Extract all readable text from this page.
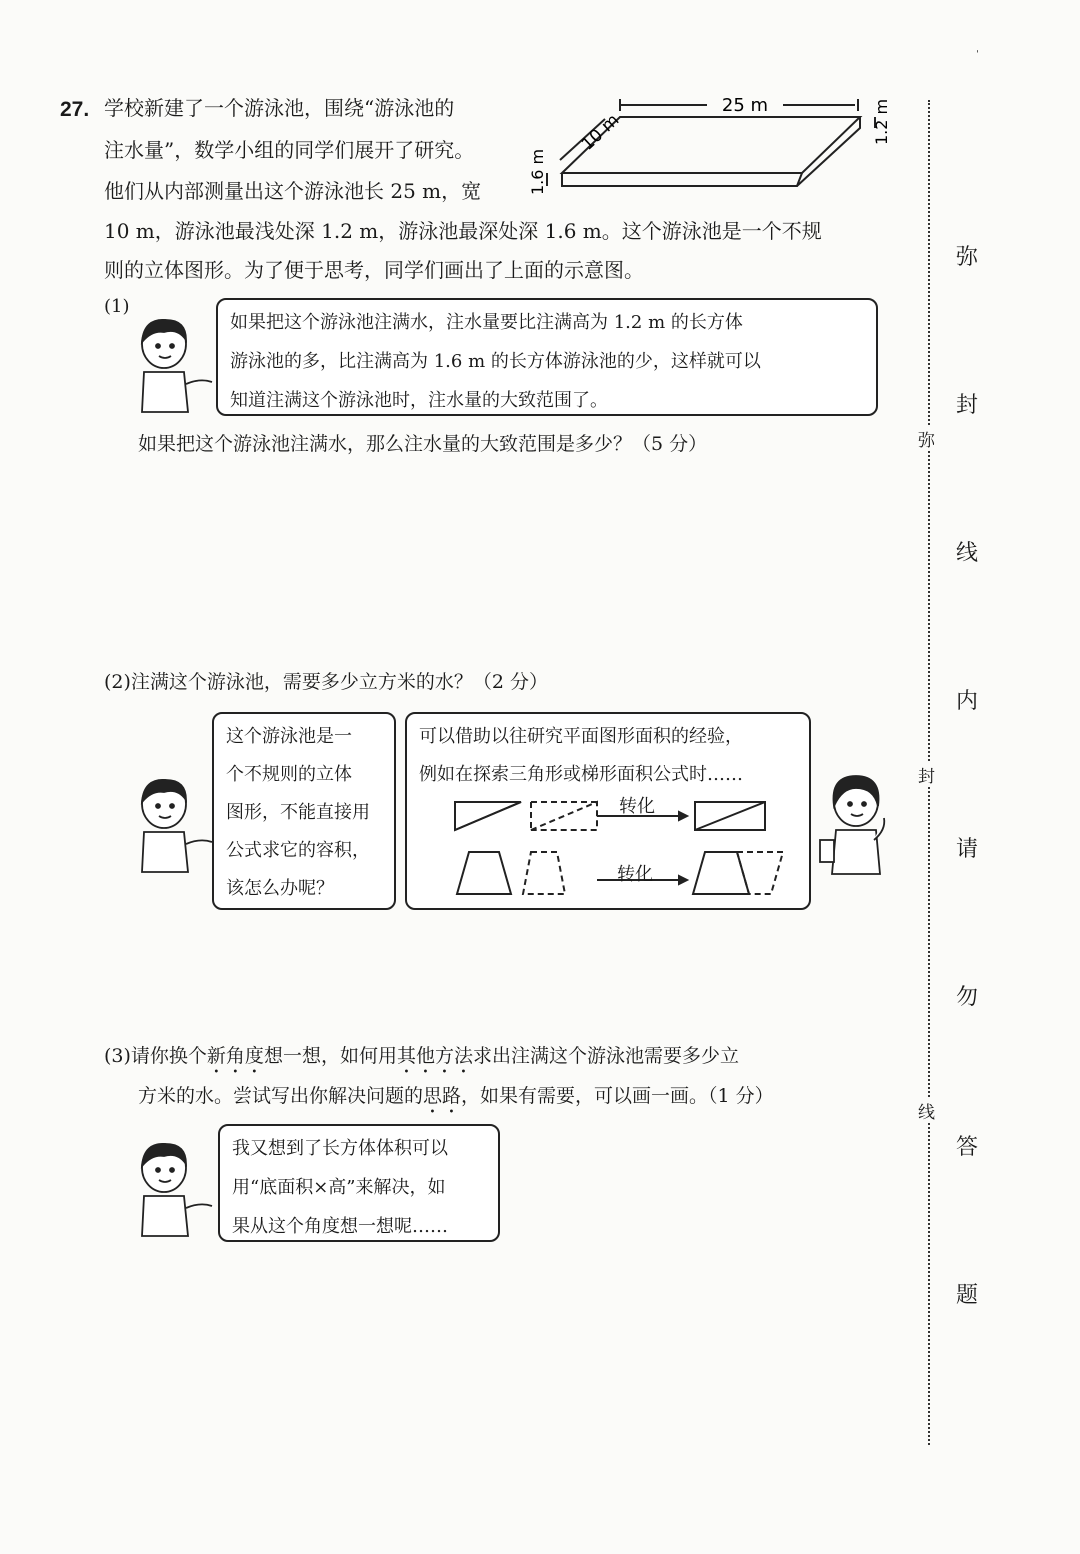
27. 学校新建了一个游泳池，围绕“游泳池的
注水量”，数学小组的同学们展开了研究。
他们从内部测量出这个游泳池长 25 m，宽
10 m，游泳池最浅处深 1.2 m，游泳池最深处深 1.6 m。这个游泳池是一个不规
则的立体图形。为了便于思考，同学们画出了上面的示意图。
25 m
10 m
1.6 m
1.2 m
(1)
如果把这个游泳池注满水，注水量要比注满高为 1.2 m 的长方体
游泳池的多，比注满高为 1.6 m 的长方体游泳池的少，这样就可以
知道注满这个游泳池时，注水量的大致范围了。
如果把这个游泳池注满水，那么注水量的大致范围是多少？（5 分）
(2)注满这个游泳池，需要多少立方米的水？（2 分）
这个游泳池是一
个不规则的立体
图形，不能直接用
公式求它的容积，
该怎么办呢？
可以借助以往研究平面图形面积的经验，
例如在探索三角形或梯形面积公式时……
转化
转化
(3)请你换个新角度想一想，如何用其他方法求出注满这个游泳池需要多少立
方米的水。尝试写出你解决问题的思路，如果有需要，可以画一画。（1 分）
我又想到了长方体体积可以
用“底面积×高”来解决，如
果从这个角度想一想呢……
ˈ
弥
封
线
内
请
勿
答
题
弥
封
线
